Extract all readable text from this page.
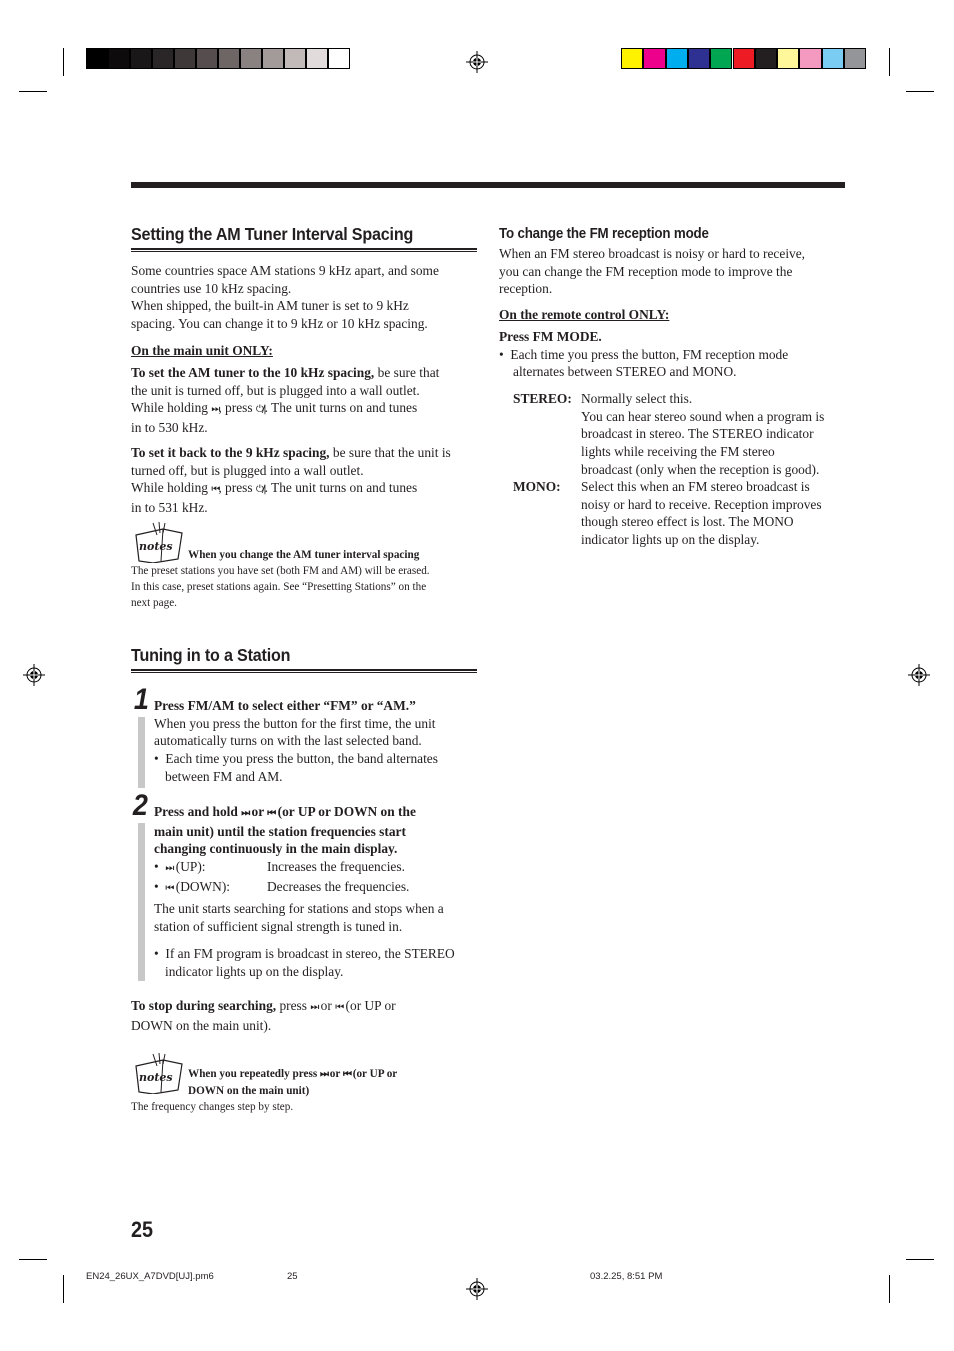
Setting the AM Tuner Interval Spacing
Some countries space AM stations 9 kHz apart, and some
countries use 10 kHz spacing.
When shipped, the built-in AM tuner is set to 9 kHz
spacing. You can change it to 9 kHz or 10 kHz spacing.
On the main unit ONLY:
To set the AM tuner to the 10 kHz spacing, be sure that
the unit is turned off, but is plugged into a wall outlet.
While holding ⏭, press ⏻/|. The unit turns on and tunes
in to 530 kHz.
To set it back to the 9 kHz spacing, be sure that the unit is
turned off, but is plugged into a wall outlet.
While holding ⏮, press ⏻/|. The unit turns on and tunes
in to 531 kHz.
notes
When you change the AM tuner interval spacing
The preset stations you have set (both FM and AM) will be erased.
In this case, preset stations again. See “Presetting Stations” on the
next page.
Tuning in to a Station
1 Press FM/AM to select either “FM” or “AM.”
When you press the button for the first time, the unit
automatically turns on with the last selected band.
•  Each time you press the button, the band alternates
between FM and AM.
2 Press and hold ⏭ or ⏮ (or UP or DOWN on the
main unit) until the station frequencies start
changing continuously in the main display.
•  ⏭ (UP):	Increases the frequencies.
•  ⏮ (DOWN):	Decreases the frequencies.
The unit starts searching for stations and stops when a
station of sufficient signal strength is tuned in.
•  If an FM program is broadcast in stereo, the STEREO
indicator lights up on the display.
To stop during searching, press ⏭ or ⏮ (or UP or
DOWN on the main unit).
notes	When you repeatedly press ⏭ or ⏮ (or UP or
DOWN on the main unit)
The frequency changes step by step.
To change the FM reception mode
When an FM stereo broadcast is noisy or hard to receive,
you can change the FM reception mode to improve the
reception.
On the remote control ONLY:
Press FM MODE.
•  Each time you press the button, FM reception mode
alternates between STEREO and MONO.
STEREO: Normally select this.
You can hear stereo sound when a program is
broadcast in stereo. The STEREO indicator
lights while receiving the FM stereo
broadcast (only when the reception is good).
MONO: Select this when an FM stereo broadcast is
noisy or hard to receive. Reception improves
though stereo effect is lost. The MONO
indicator lights up on the display.
25
EN24_26UX_A7DVD[UJ].pm6	25	03.2.25, 8:51 PM
